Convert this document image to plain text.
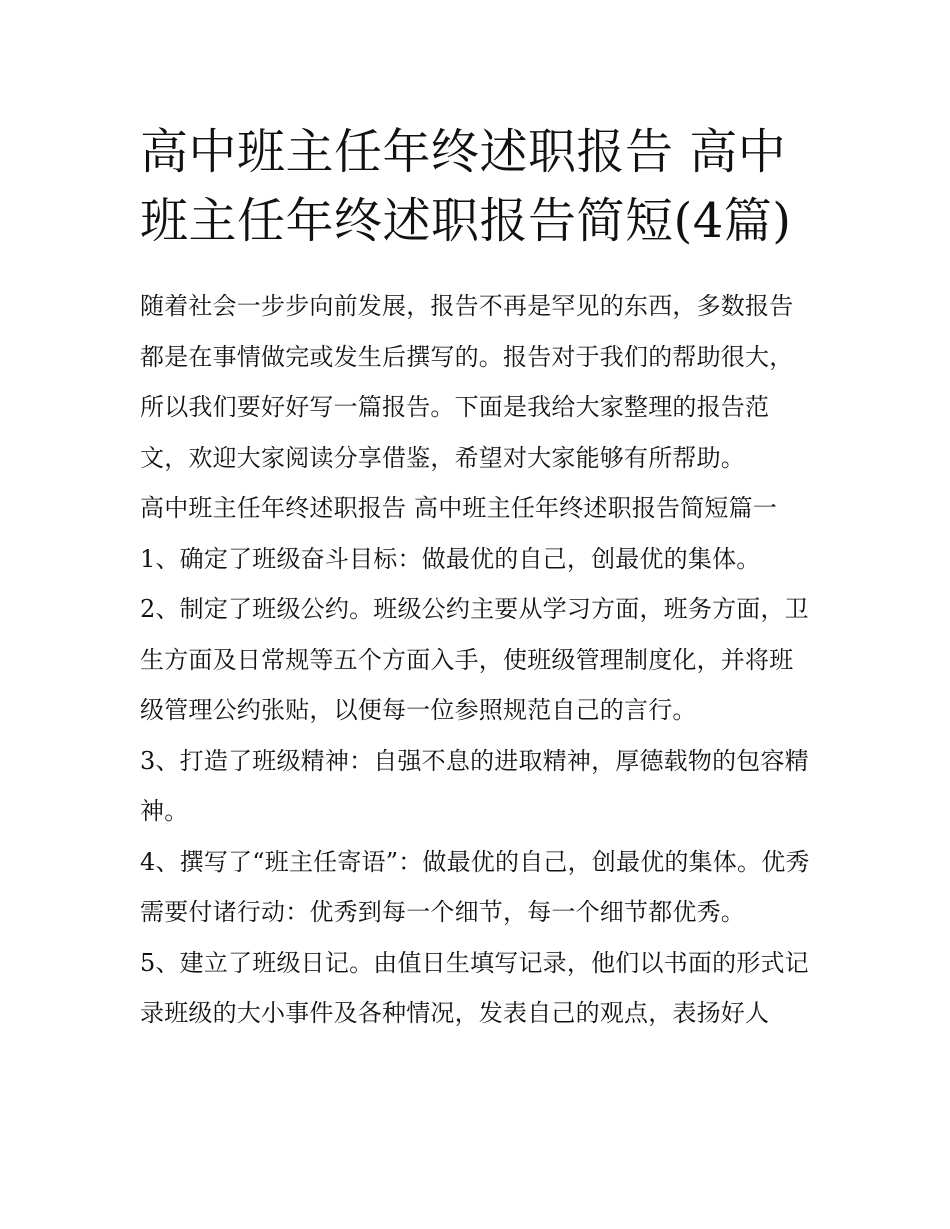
高中班主任年终述职报告 高中班主任年终述职报告简短(4篇)

随着社会一步步向前发展，报告不再是罕见的东西，多数报告都是在事情做完或发生后撰写的。报告对于我们的帮助很大，所以我们要好好写一篇报告。下面是我给大家整理的报告范文，欢迎大家阅读分享借鉴，希望对大家能够有所帮助。

高中班主任年终述职报告 高中班主任年终述职报告简短篇一

1、确定了班级奋斗目标：做最优的自己，创最优的集体。

2、制定了班级公约。班级公约主要从学习方面，班务方面，卫生方面及日常规等五个方面入手，使班级管理制度化，并将班级管理公约张贴，以便每一位参照规范自己的言行。

3、打造了班级精神：自强不息的进取精神，厚德载物的包容精神。

4、撰写了“班主任寄语”：做最优的自己，创最优的集体。优秀需要付诸行动：优秀到每一个细节，每一个细节都优秀。

5、建立了班级日记。由值日生填写记录，他们以书面的形式记录班级的大小事件及各种情况，发表自己的观点，表扬好人
